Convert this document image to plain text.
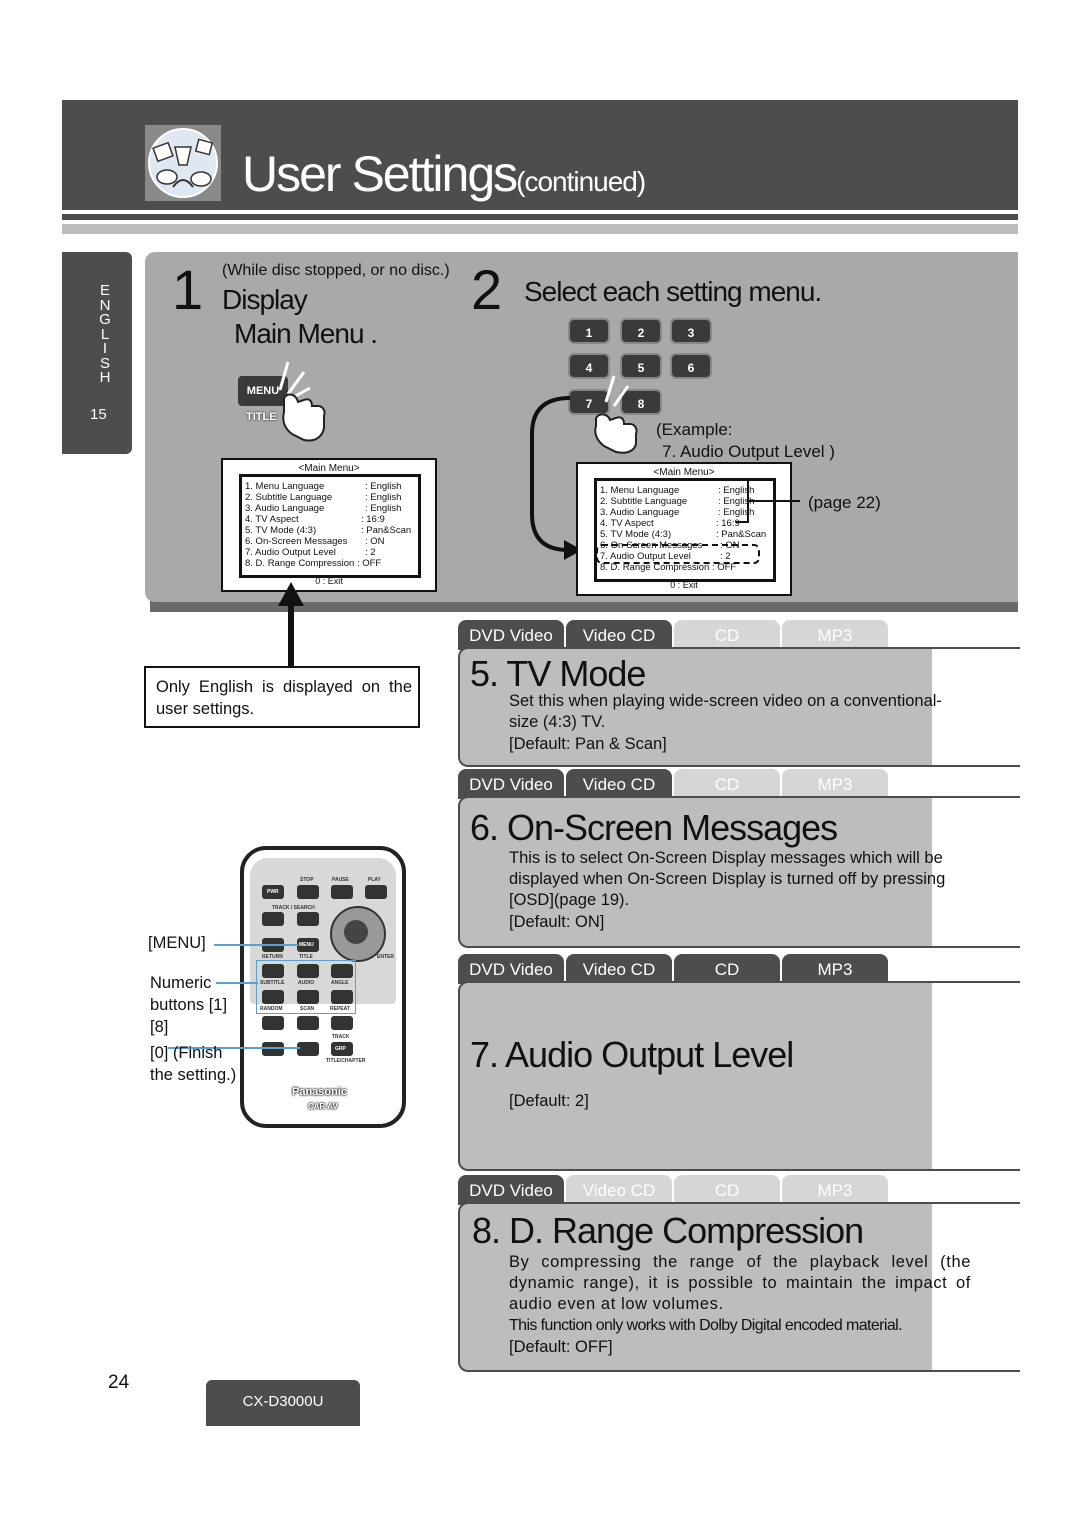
User Settings(continued)
E
N
G
L
I
S
H
15
1 (While disc stopped, or no disc.)
Display
Main Menu .
MENU
TITLE
<Main Menu>
1. Menu Language	: English
2. Subtitle Language	: English
3. Audio Language	: English
4. TV Aspect	: 16:9
5. TV Mode (4:3)	: Pan&Scan
6. On-Screen Messages : ON
7. Audio Output Level	: 2
8. D. Range Compression : OFF
0 : Exit
Only English is displayed on the user settings.
2 Select each setting menu.
1	2	3
4	5	6
7	8
(Example:
7. Audio Output Level )
<Main Menu>
1. Menu Language	: English
2. Subtitle Language	: English
3. Audio Language	: English
4. TV Aspect	: 16:9
5. TV Mode (4:3)	: Pan&Scan
6. On-Screen Messages : ON
7. Audio Output Level	: 2
8. D. Range Compression : OFF
0 : Exit
(page 22)
STOP	PAUSE	PLAY
PWR
TRACK / SEARCH
ENTER
MENU
RETURN	TITLE
SUBTITLE	AUDIO	ANGLE
RANDOM	SCAN	REPEAT
TRACK
GRP
TITLE/CHAPTER
Panasonic
CAR AV
[MENU]
Numeric buttons [1] [8]
[0] (Finish the setting.)
DVD Video	Video CD	CD	MP3
5. TV Mode
Set this when playing wide-screen video on a conventional-size (4:3) TV.
[Default: Pan & Scan]
DVD Video	Video CD	CD	MP3
6. On-Screen Messages
This is to select On-Screen Display messages which will be displayed when On-Screen Display is turned off by pressing [OSD](page 19).
[Default: ON]
DVD Video	Video CD	CD	MP3
7. Audio Output Level
[Default: 2]
DVD Video	Video CD	CD	MP3
8. D. Range Compression
By compressing the range of the playback level (the dynamic range), it is possible to maintain the impact of audio even at low volumes.
This function only works with Dolby Digital encoded material.
[Default: OFF]
24
CX-D3000U
